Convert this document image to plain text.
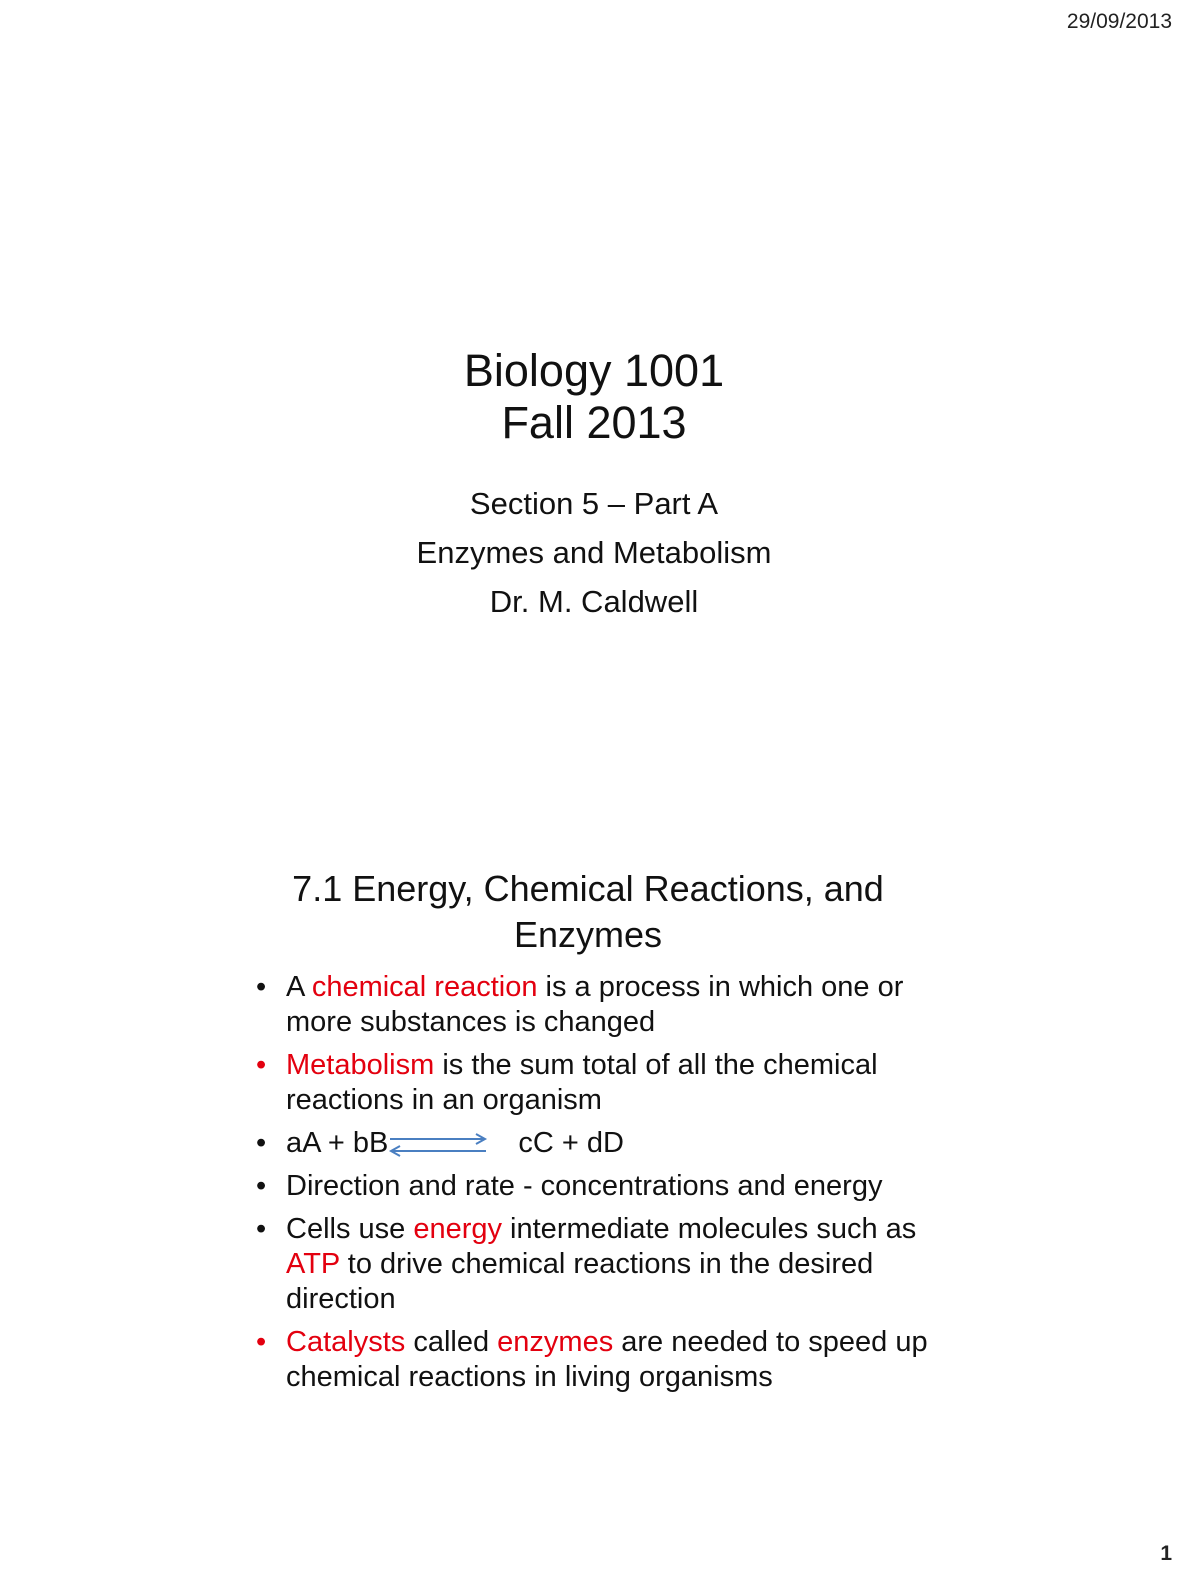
29/09/2013
Biology 1001
Fall 2013
Section 5 – Part A
Enzymes and Metabolism
Dr. M. Caldwell
7.1 Energy, Chemical Reactions, and
Enzymes
• A chemical reaction is a process in which one or more substances is changed
• Metabolism is the sum total of all the chemical reactions in an organism
• aA + bB⇌ cC + dD
• Direction and rate - concentrations and energy
• Cells use energy intermediate molecules such as ATP to drive chemical reactions in the desired direction
• Catalysts called enzymes are needed to speed up chemical reactions in living organisms
1
